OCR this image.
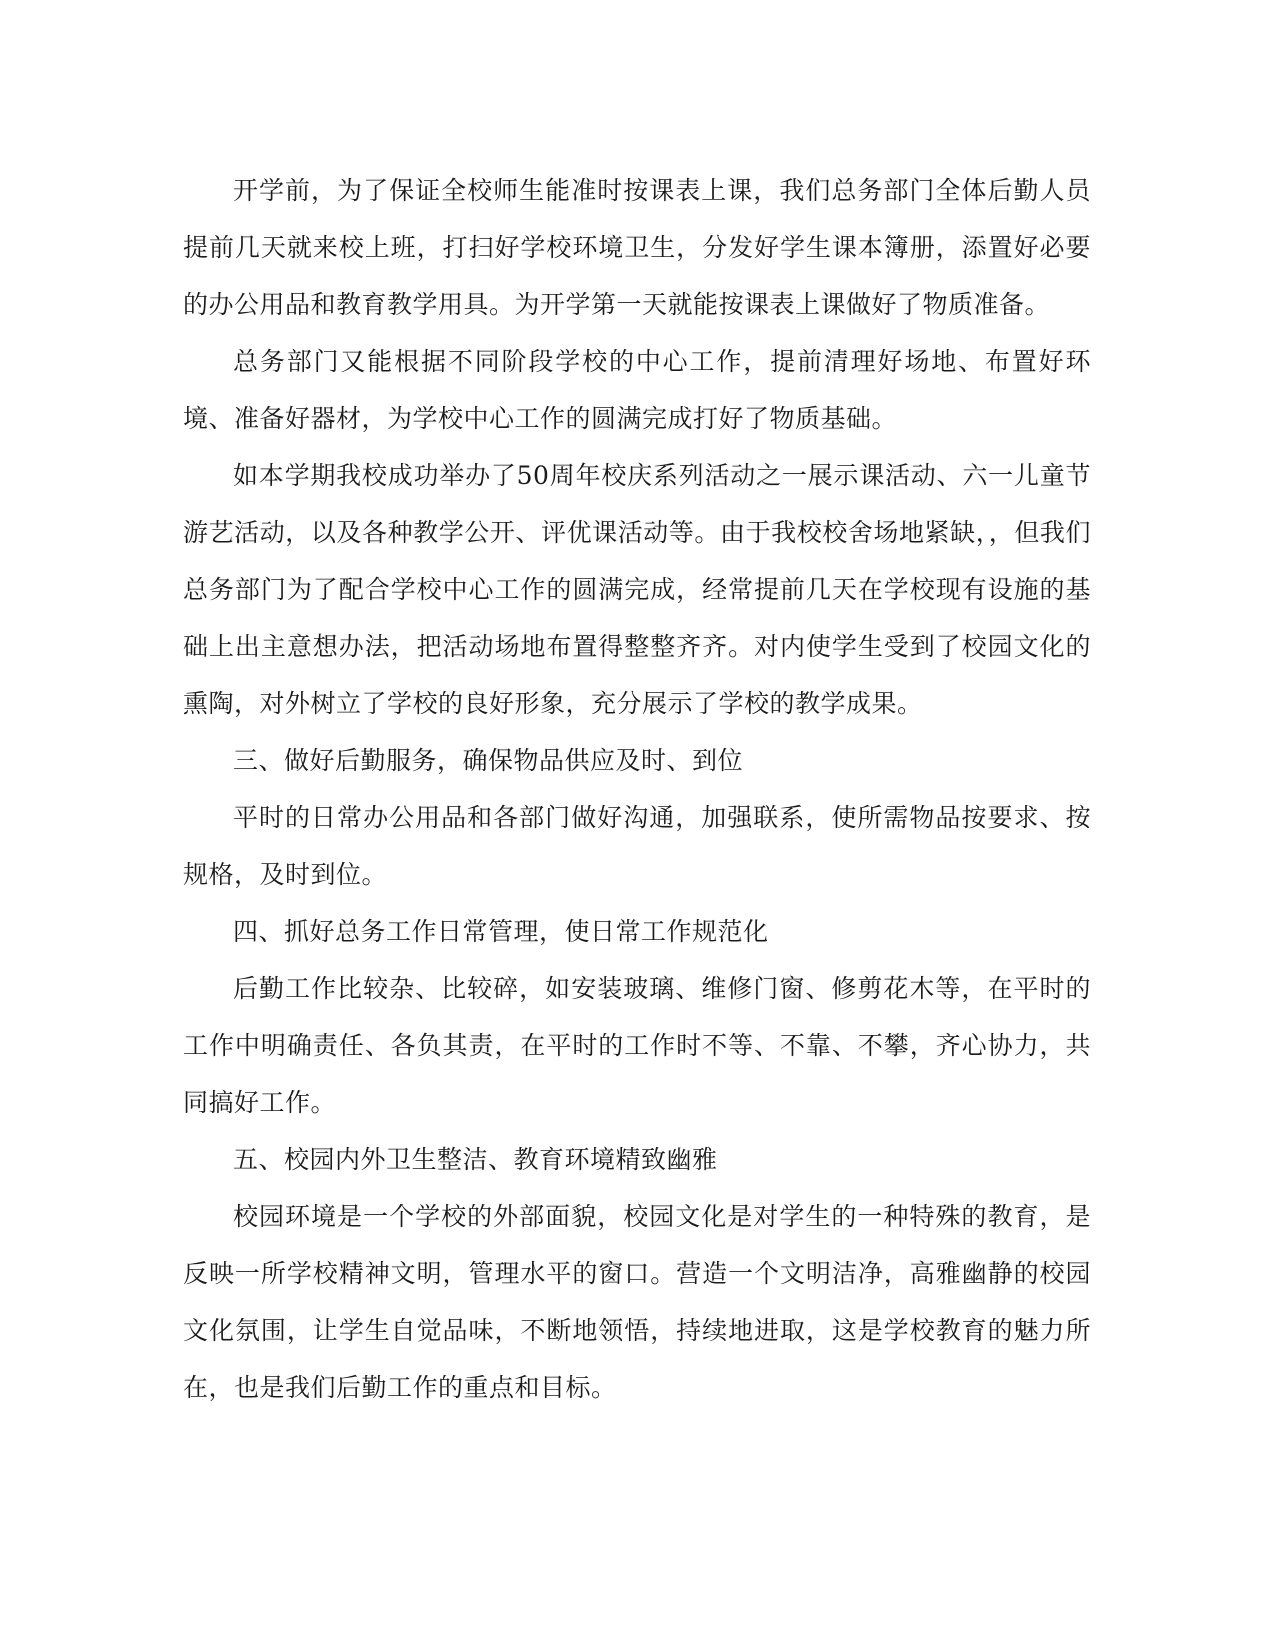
开学前，为了保证全校师生能准时按课表上课，我们总务部门全体后勤人员提前几天就来校上班，打扫好学校环境卫生，分发好学生课本簿册，添置好必要的办公用品和教育教学用具。为开学第一天就能按课表上课做好了物质准备。

总务部门又能根据不同阶段学校的中心工作，提前清理好场地、布置好环境、准备好器材，为学校中心工作的圆满完成打好了物质基础。

如本学期我校成功举办了50周年校庆系列活动之一展示课活动、六一儿童节游艺活动，以及各种教学公开、评优课活动等。由于我校校舍场地紧缺，，但我们总务部门为了配合学校中心工作的圆满完成，经常提前几天在学校现有设施的基础上出主意想办法，把活动场地布置得整整齐齐。对内使学生受到了校园文化的熏陶，对外树立了学校的良好形象，充分展示了学校的教学成果。

三、做好后勤服务，确保物品供应及时、到位

平时的日常办公用品和各部门做好沟通，加强联系，使所需物品按要求、按规格，及时到位。

四、抓好总务工作日常管理，使日常工作规范化

后勤工作比较杂、比较碎，如安装玻璃、维修门窗、修剪花木等，在平时的工作中明确责任、各负其责，在平时的工作时不等、不靠、不攀，齐心协力，共同搞好工作。

五、校园内外卫生整洁、教育环境精致幽雅

校园环境是一个学校的外部面貌，校园文化是对学生的一种特殊的教育，是反映一所学校精神文明，管理水平的窗口。营造一个文明洁净，高雅幽静的校园文化氛围，让学生自觉品味，不断地领悟，持续地进取，这是学校教育的魅力所在，也是我们后勤工作的重点和目标。
